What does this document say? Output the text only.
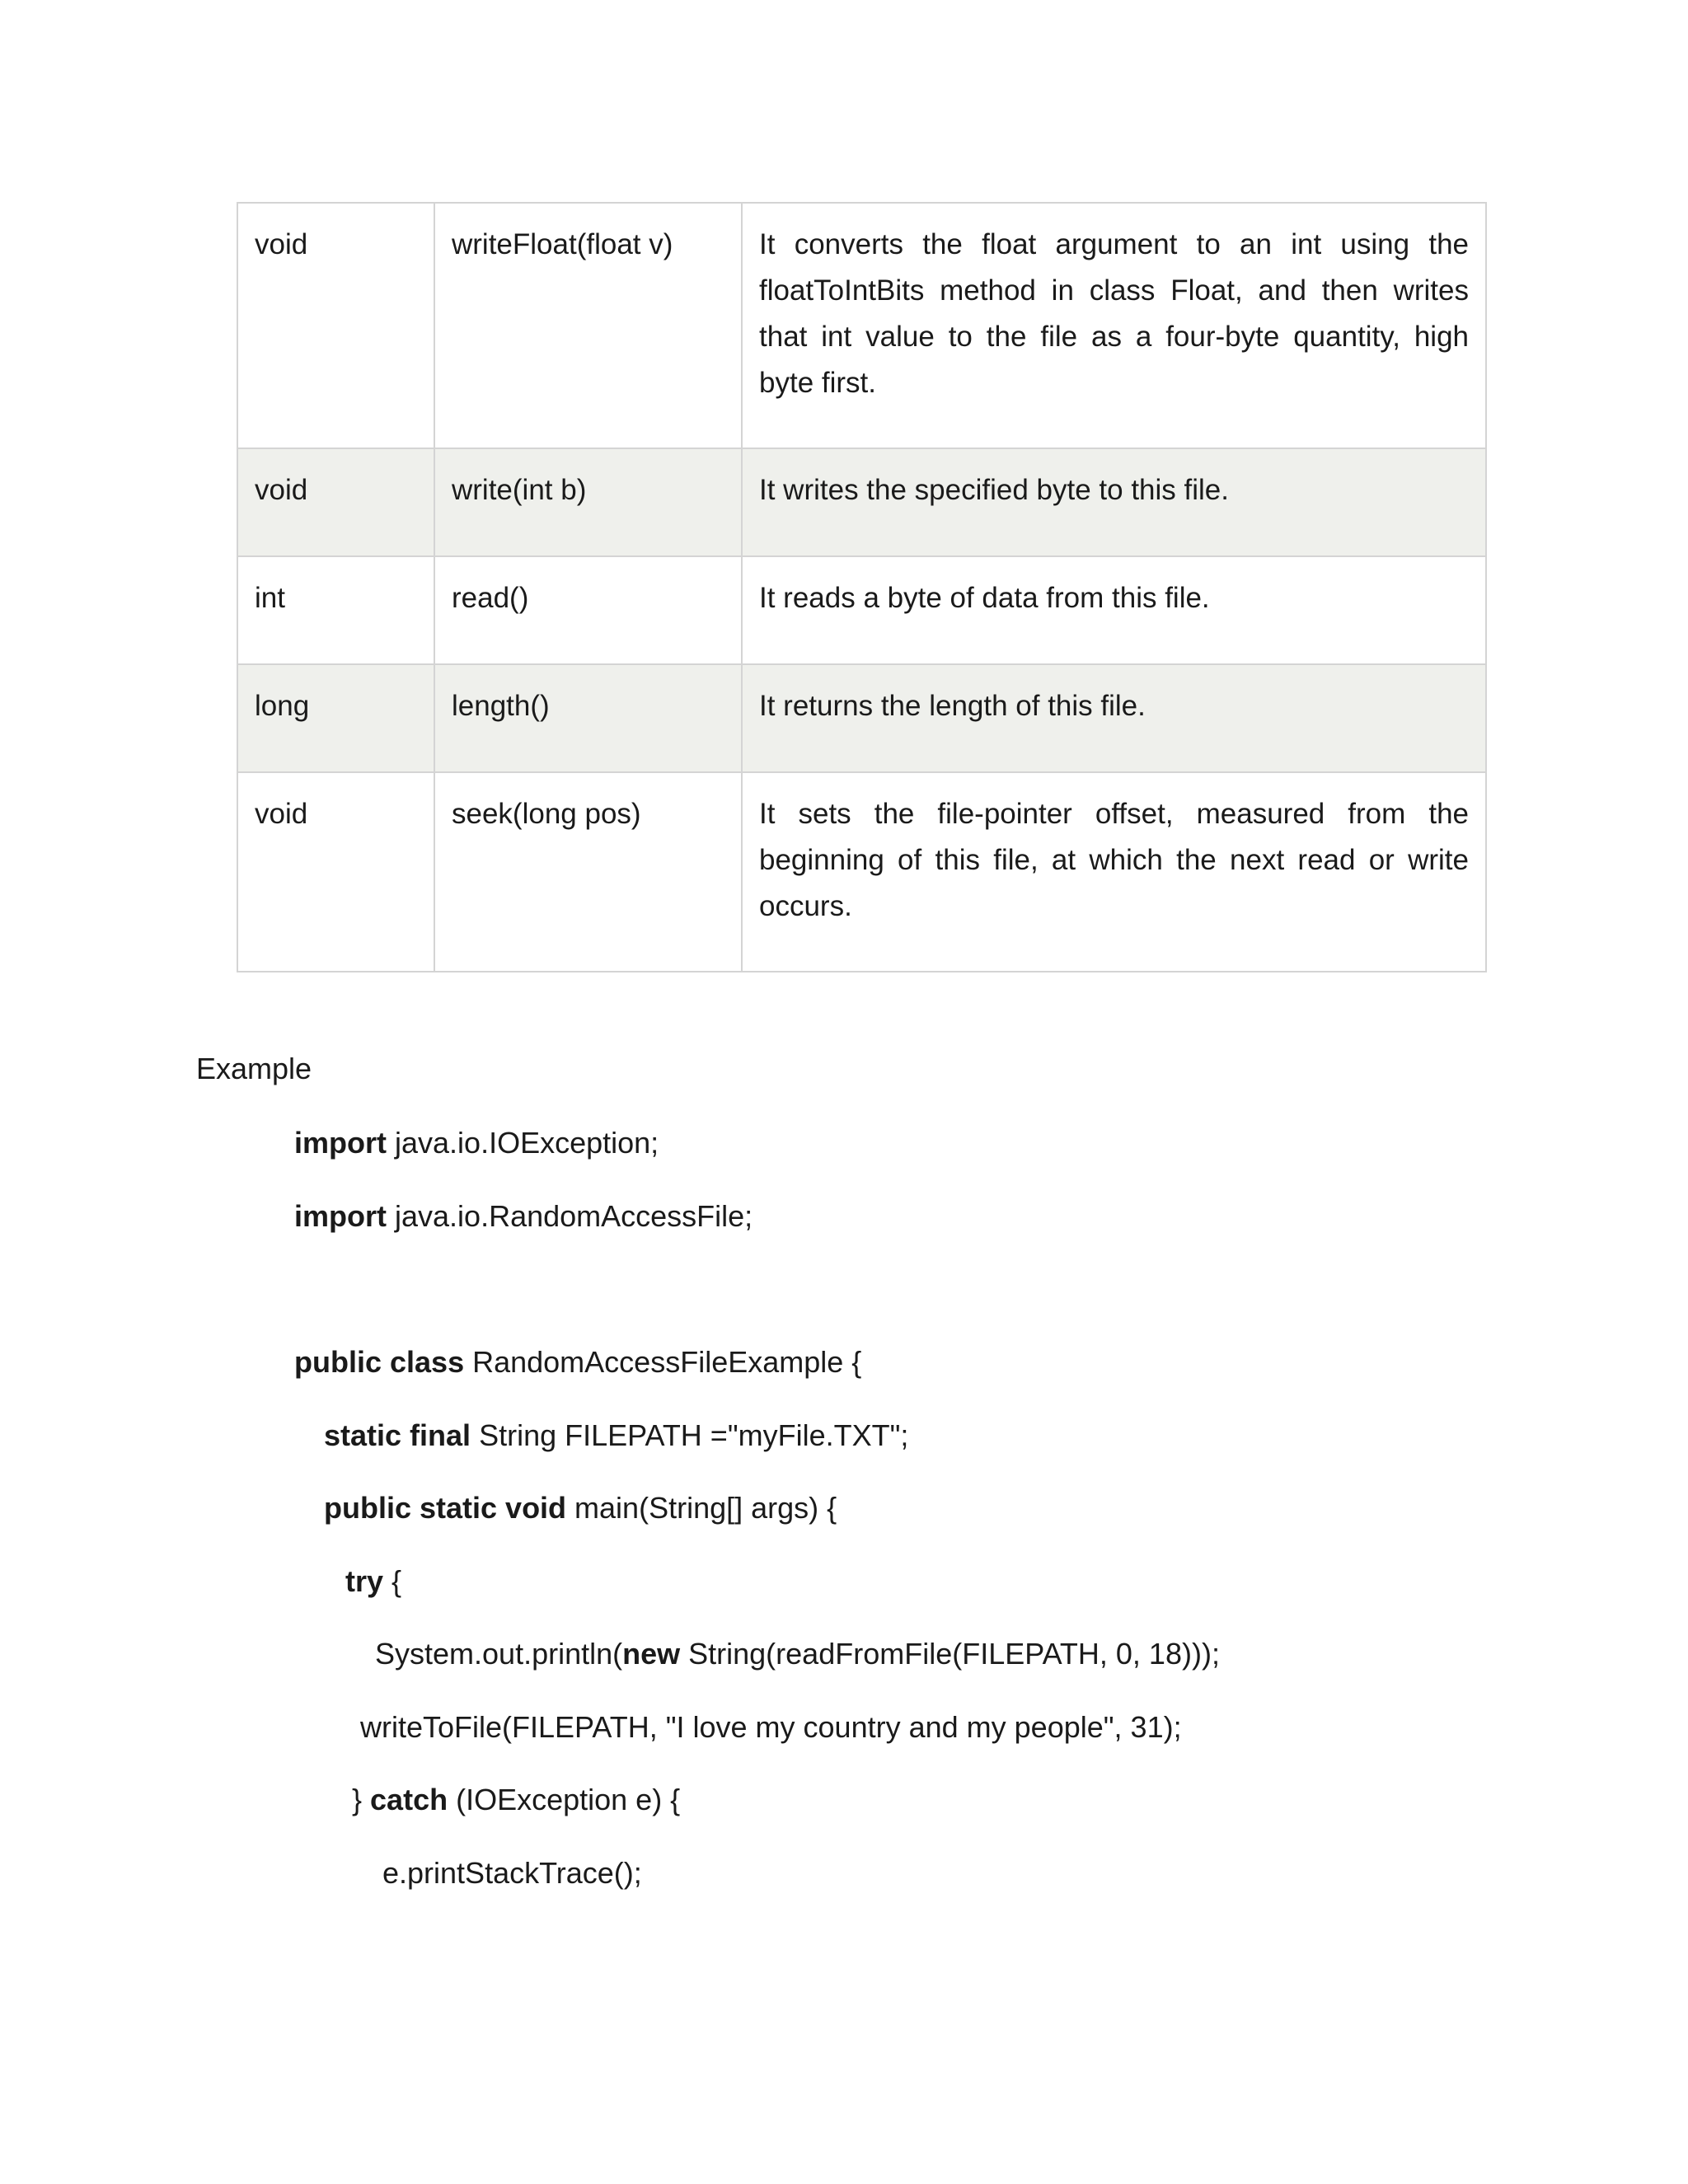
void	writeFloat(float v)	It converts the float argument to an int using the floatToIntBits method in class Float, and then writes that int value to the file as a four-byte quantity, high byte first.
void	write(int b)	It writes the specified byte to this file.
int	read()	It reads a byte of data from this file.
long	length()	It returns the length of this file.
void	seek(long pos)	It sets the file-pointer offset, measured from the beginning of this file, at which the next read or write occurs.
Example

import java.io.IOException;

import java.io.RandomAccessFile;

public class RandomAccessFileExample {

static final String FILEPATH ="myFile.TXT";

public static void main(String[] args) {

try {

System.out.println(new String(readFromFile(FILEPATH, 0, 18)));

writeToFile(FILEPATH, "I love my country and my people", 31);

} catch (IOException e) {

e.printStackTrace();
